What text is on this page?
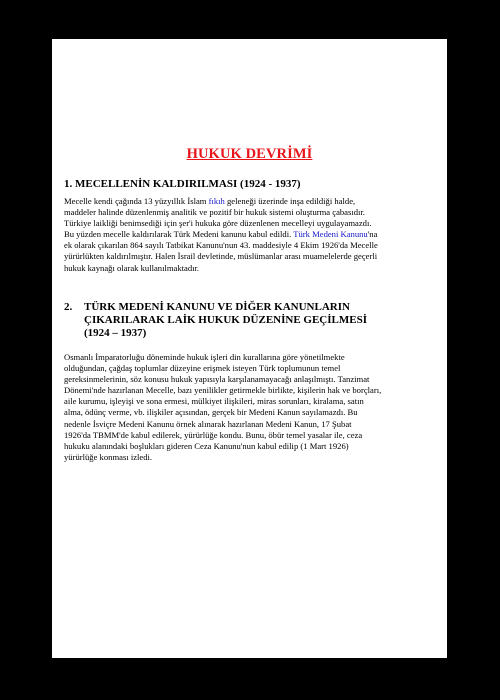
HUKUK DEVRİMİ
1. MECELLENİN KALDIRILMASI (1924 - 1937)
Mecelle kendi çağında 13 yüzyıllık İslam fıkıh geleneği üzerinde inşa edildiği halde,
maddeler halinde düzenlenmiş analitik ve pozitif bir hukuk sistemi oluşturma çabasıdır.
Türkiye laikliği benimsediği için şer'i hukuka göre düzenlenen mecelleyi uygulayamazdı.
Bu yüzden mecelle kaldırılarak Türk Medeni kanunu kabul edildi. Türk Medeni Kanunu'na
ek olarak çıkarılan 864 sayılı Tatbikat Kanunu'nun 43. maddesiyle 4 Ekim 1926'da Mecelle
yürürlükten kaldırılmıştır. Halen İsrail devletinde, müslümanlar arası muamelelerde geçerli
hukuk kaynağı olarak kullanılmaktadır.
2. TÜRK MEDENİ KANUNU VE DİĞER KANUNLARIN
ÇIKARILARAK LAİK HUKUK DÜZENİNE GEÇİLMESİ
(1924 – 1937)
Osmanlı İmparatorluğu döneminde hukuk işleri din kurallarına göre yönetilmekte
olduğundan, çağdaş toplumlar düzeyine erişmek isteyen Türk toplumunun temel
gereksinmelerinin, söz konusu hukuk yapısıyla karşılanamayacağı anlaşılmıştı. Tanzimat
Dönemi'nde hazırlanan Mecelle, bazı yenilikler getirmekle birlikte, kişilerin hak ve borçları,
aile kurumu, işleyişi ve sona ermesi, mülkiyet ilişkileri, miras sorunları, kiralama, satın
alma, ödünç verme, vb. ilişkiler açısından, gerçek bir Medeni Kanun sayılamazdı. Bu
nedenle İsviçre Medeni Kanunu örnek alınarak hazırlanan Medeni Kanun, 17 Şubat
1926'da TBMM'de kabul edilerek, yürürlüğe kondu. Bunu, öbür temel yasalar ile, ceza
hukuku alanındaki boşlukları gideren Ceza Kanunu'nun kabul edilip (1 Mart 1926)
yürürlüğe konması izledi.
